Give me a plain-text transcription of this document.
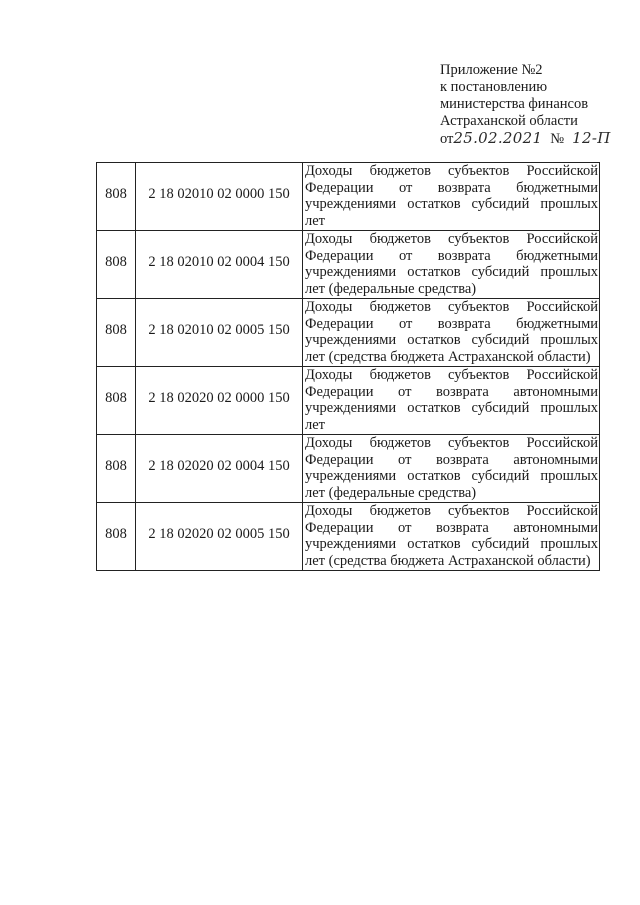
Приложение №2
к постановлению
министерства финансов
Астраханской области
от25.02.2021 № 12-П
808	2 18 02010 02 0000 150	Доходы бюджетов субъектов Российской Федерации от возврата бюджетными учреждениями остатков субсидий прошлых лет
808	2 18 02010 02 0004 150	Доходы бюджетов субъектов Российской Федерации от возврата бюджетными учреждениями остатков субсидий прошлых лет (федеральные средства)
808	2 18 02010 02 0005 150	Доходы бюджетов субъектов Российской Федерации от возврата бюджетными учреждениями остатков субсидий прошлых лет (средства бюджета Астраханской области)
808	2 18 02020 02 0000 150	Доходы бюджетов субъектов Российской Федерации от возврата автономными учреждениями остатков субсидий прошлых лет
808	2 18 02020 02 0004 150	Доходы бюджетов субъектов Российской Федерации от возврата автономными учреждениями остатков субсидий прошлых лет (федеральные средства)
808	2 18 02020 02 0005 150	Доходы бюджетов субъектов Российской Федерации от возврата автономными учреждениями остатков субсидий прошлых лет (средства бюджета Астраханской области)
